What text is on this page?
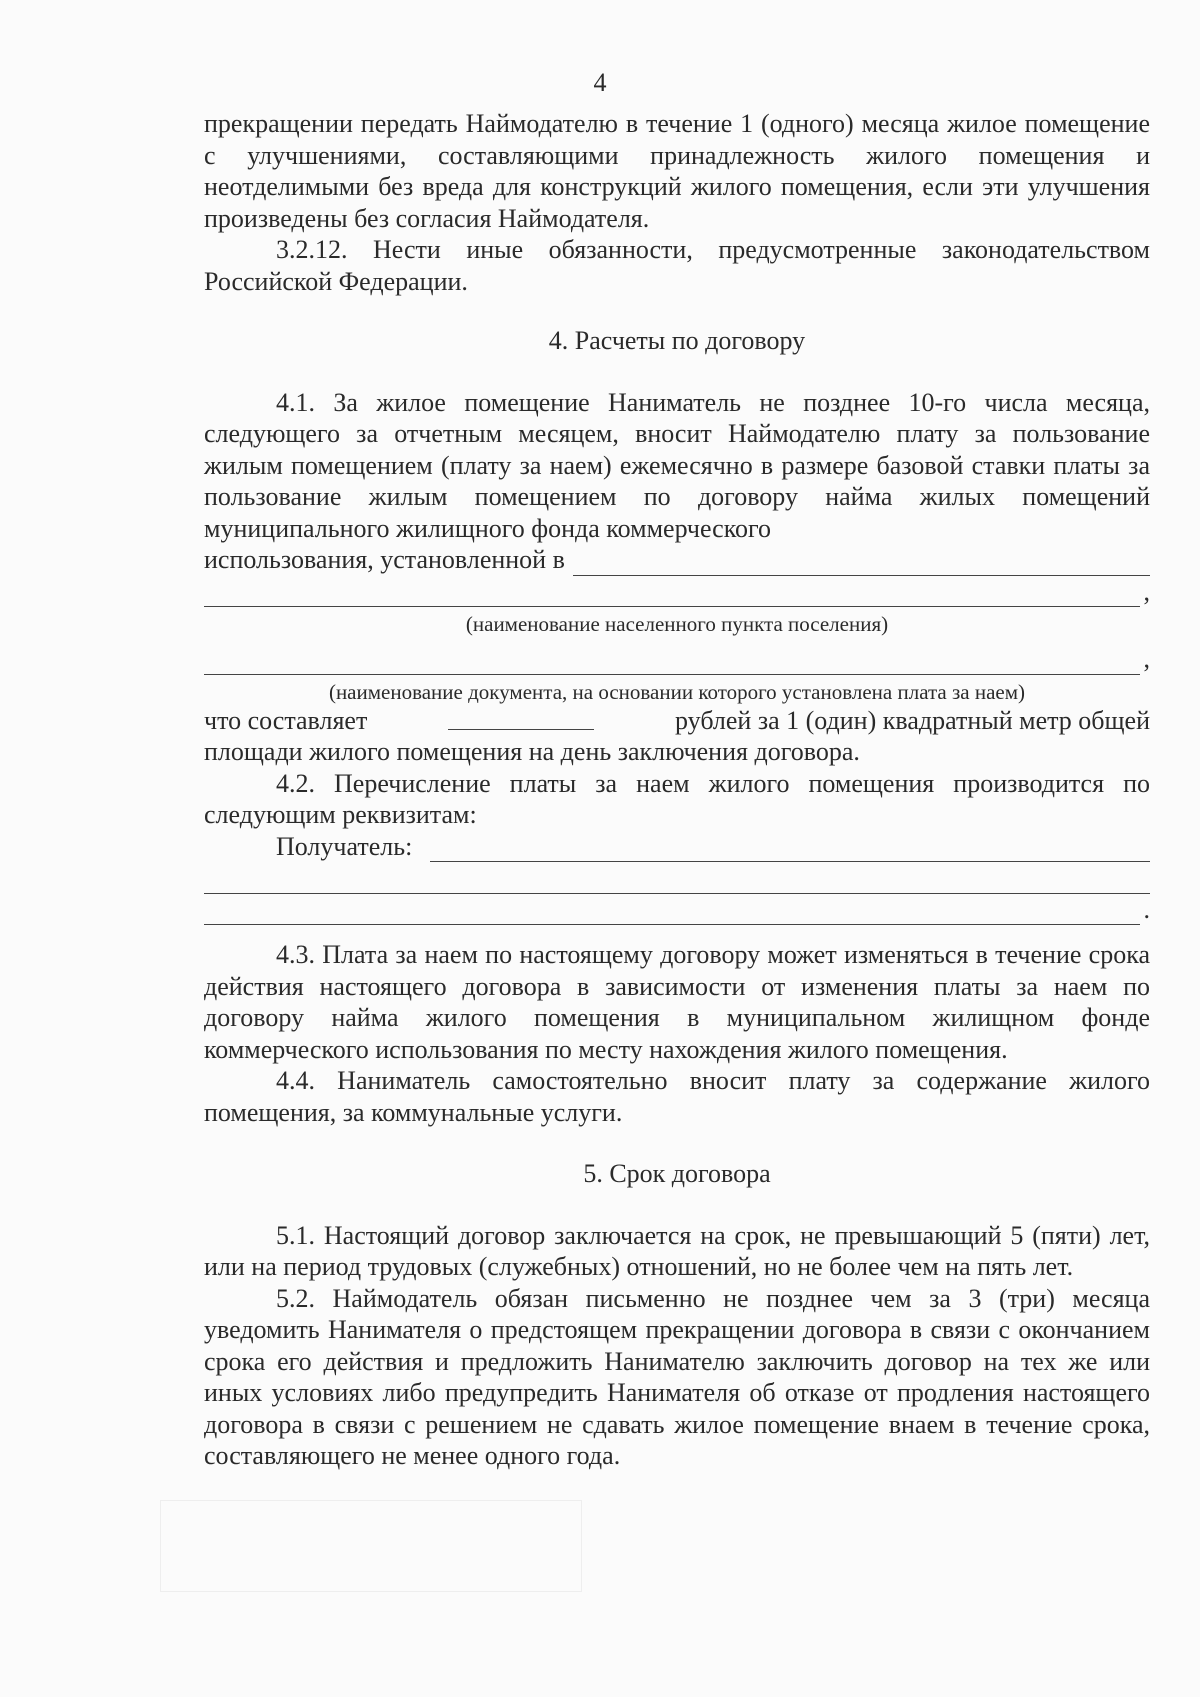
4

прекращении передать Наймодателю в течение 1 (одного) месяца жилое помещение с улучшениями, составляющими принадлежность жилого помещения и неотделимыми без вреда для конструкций жилого помещения, если эти улучшения произведены без согласия Наймодателя.

3.2.12. Нести иные обязанности, предусмотренные законодательством Российской Федерации.

4. Расчеты по договору

4.1. За жилое помещение Наниматель не позднее 10-го числа месяца, следующего за отчетным месяцем, вносит Наймодателю плату за пользование жилым помещением (плату за наем) ежемесячно в размере базовой ставки платы за пользование жилым помещением по договору найма жилых помещений муниципального жилищного фонда коммерческого

использования, установленной в
,
(наименование населенного пункта поселения)
,
(наименование документа, на основании которого установлена плата за наем)
что составляет	рублей за 1 (один) квадратный метр общей

площади жилого помещения на день заключения договора.

4.2. Перечисление платы за наем жилого помещения производится по следующим реквизитам:

Получатель:
.

4.3. Плата за наем по настоящему договору может изменяться в течение срока действия настоящего договора в зависимости от изменения платы за наем по договору найма жилого помещения в муниципальном жилищном фонде коммерческого использования по месту нахождения жилого помещения.

4.4. Наниматель самостоятельно вносит плату за содержание жилого помещения, за коммунальные услуги.

5. Срок договора

5.1. Настоящий договор заключается на срок, не превышающий 5 (пяти) лет, или на период трудовых (служебных) отношений, но не более чем на пять лет.

5.2. Наймодатель обязан письменно не позднее чем за 3 (три) месяца уведомить Нанимателя о предстоящем прекращении договора в связи с окончанием срока его действия и предложить Нанимателю заключить договор на тех же или иных условиях либо предупредить Нанимателя об отказе от продления настоящего договора в связи с решением не сдавать жилое помещение внаем в течение срока, составляющего не менее одного года.
